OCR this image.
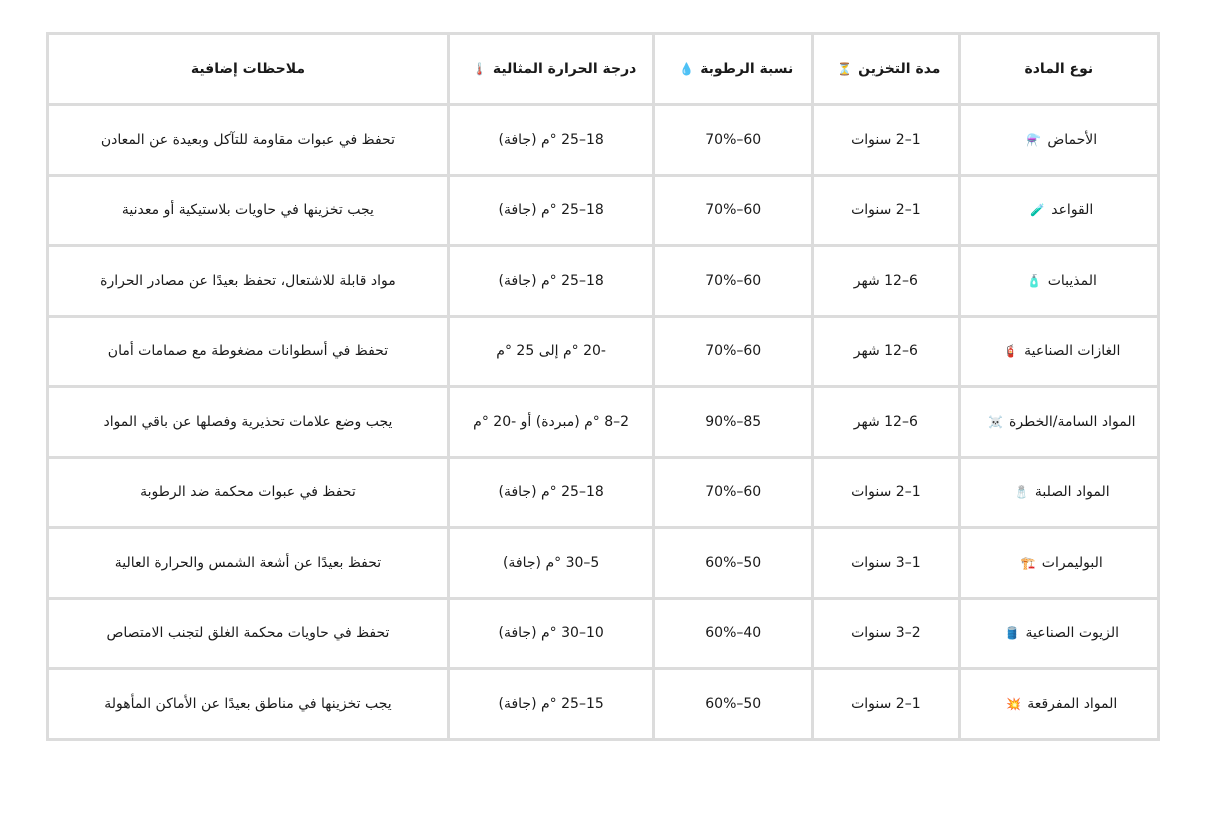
نوع المادة	مدة التخزين⏳	نسبة الرطوبة💧	درجة الحرارة المثالية🌡️	ملاحظات إضافية
الأحماض⚗️	1–2 سنوات	60–70%	18–25 °م (جافة)	تحفظ في عبوات مقاومة للتآكل وبعيدة عن المعادن
القواعد🧪	1–2 سنوات	60–70%	18–25 °م (جافة)	يجب تخزينها في حاويات بلاستيكية أو معدنية
المذيبات🧴	6–12 شهر	60–70%	18–25 °م (جافة)	مواد قابلة للاشتعال، تحفظ بعيدًا عن مصادر الحرارة
الغازات الصناعية🧯	6–12 شهر	60–70%	-20 °م إلى 25 °م	تحفظ في أسطوانات مضغوطة مع صمامات أمان
المواد السامة/الخطرة☠️	6–12 شهر	85–90%	2–8 °م (مبردة) أو -20 °م	يجب وضع علامات تحذيرية وفصلها عن باقي المواد
المواد الصلبة🧂	1–2 سنوات	60–70%	18–25 °م (جافة)	تحفظ في عبوات محكمة ضد الرطوبة
البوليمرات🏗️	1–3 سنوات	50–60%	5–30 °م (جافة)	تحفظ بعيدًا عن أشعة الشمس والحرارة العالية
الزيوت الصناعية🛢️	2–3 سنوات	40–60%	10–30 °م (جافة)	تحفظ في حاويات محكمة الغلق لتجنب الامتصاص
المواد المفرقعة💥	1–2 سنوات	50–60%	15–25 °م (جافة)	يجب تخزينها في مناطق بعيدًا عن الأماكن المأهولة
